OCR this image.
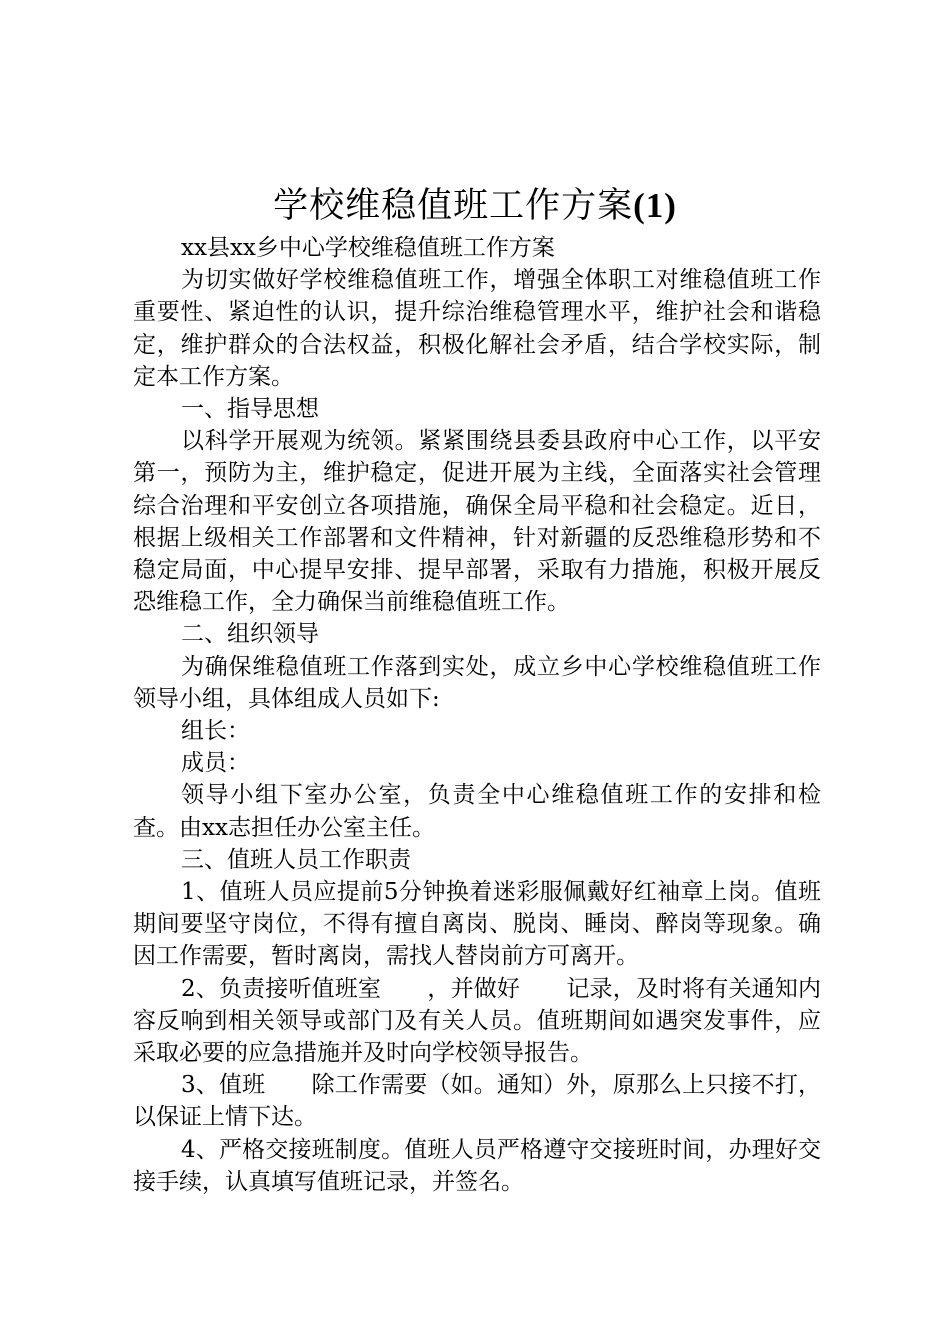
学校维稳值班工作方案(1)

xx县xx乡中心学校维稳值班工作方案

为切实做好学校维稳值班工作，增强全体职工对维稳值班工作重要性、紧迫性的认识，提升综治维稳管理水平，维护社会和谐稳定，维护群众的合法权益，积极化解社会矛盾，结合学校实际，制定本工作方案。

一、指导思想

以科学开展观为统领。紧紧围绕县委县政府中心工作，以平安第一，预防为主，维护稳定，促进开展为主线，全面落实社会管理综合治理和平安创立各项措施，确保全局平稳和社会稳定。近日，根据上级相关工作部署和文件精神，针对新疆的反恐维稳形势和不稳定局面，中心提早安排、提早部署，采取有力措施，积极开展反恐维稳工作，全力确保当前维稳值班工作。

二、组织领导

为确保维稳值班工作落到实处，成立乡中心学校维稳值班工作领导小组，具体组成人员如下:

组长：

成员：

领导小组下室办公室，负责全中心维稳值班工作的安排和检查。由xx志担任办公室主任。

三、值班人员工作职责

1、值班人员应提前5分钟换着迷彩服佩戴好红袖章上岗。值班期间要坚守岗位，不得有擅自离岗、脱岗、睡岗、醉岗等现象。确因工作需要，暂时离岗，需找人替岗前方可离开。

2、负责接听值班室　　，并做好　　记录，及时将有关通知内容反响到相关领导或部门及有关人员。值班期间如遇突发事件，应采取必要的应急措施并及时向学校领导报告。

3、值班　　除工作需要（如。通知）外，原那么上只接不打，以保证上情下达。

4、严格交接班制度。值班人员严格遵守交接班时间，办理好交接手续，认真填写值班记录，并签名。
